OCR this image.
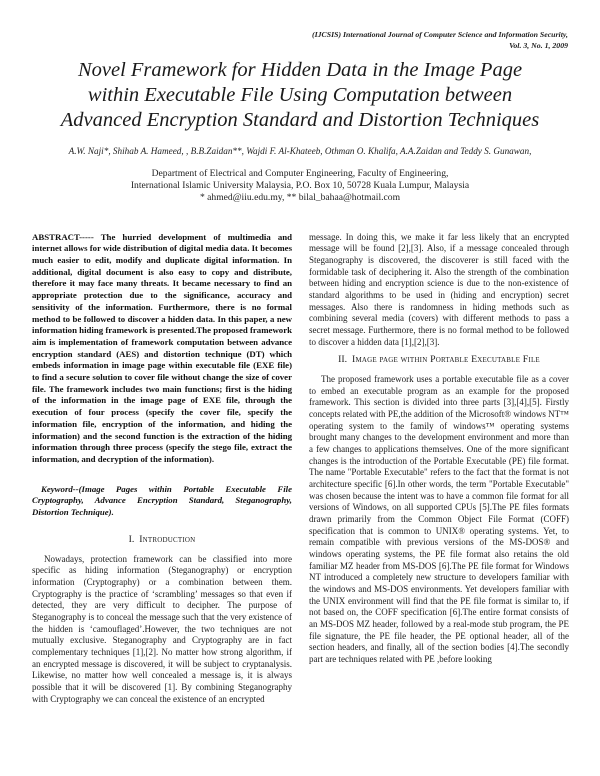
(IJCSIS) International Journal of Computer Science and Information Security,
Vol. 3, No. 1, 2009
Novel Framework for Hidden Data in the Image Page within Executable File Using Computation between Advanced Encryption Standard and Distortion Techniques
A.W. Naji*, Shihab A. Hameed, , B.B.Zaidan**, Wajdi F. Al-Khateeb, Othman O. Khalifa, A.A.Zaidan and Teddy S. Gunawan,
Department of Electrical and Computer Engineering, Faculty of Engineering,
International Islamic University Malaysia, P.O. Box 10, 50728 Kuala Lumpur, Malaysia
* ahmed@iiu.edu.my, ** bilal_bahaa@hotmail.com

ABSTRACT----- The hurried development of multimedia and internet allows for wide distribution of digital media data. It becomes much easier to edit, modify and duplicate digital information. In additional, digital document is also easy to copy and distribute, therefore it may face many threats. It became necessary to find an appropriate protection due to the significance, accuracy and sensitivity of the information. Furthermore, there is no formal method to be followed to discover a hidden data. In this paper, a new information hiding framework is presented.The proposed framework aim is implementation of framework computation between advance encryption standard (AES) and distortion technique (DT) which embeds information in image page within executable file (EXE file) to find a secure solution to cover file without change the size of cover file. The framework includes two main functions; first is the hiding of the information in the image page of EXE file, through the execution of four process (specify the cover file, specify the information file, encryption of the information, and hiding the information) and the second function is the extraction of the hiding information through three process (specify the stego file, extract the information, and decryption of the information).

Keyword--(Image Pages within Portable Executable File Cryptography, Advance Encryption Standard, Steganography, Distortion Technique).

I. Introduction

Nowadays, protection framework can be classified into more specific as hiding information (Steganography) or encryption information (Cryptography) or a combination between them. Cryptography is the practice of ‘scrambling’ messages so that even if detected, they are very difficult to decipher. The purpose of Steganography is to conceal the message such that the very existence of the hidden is ‘camouflaged’.However, the two techniques are not mutually exclusive. Steganography and Cryptography are in fact complementary techniques [1],[2]. No matter how strong algorithm, if an encrypted message is discovered, it will be subject to cryptanalysis. Likewise, no matter how well concealed a message is, it is always possible that it will be discovered [1]. By combining Steganography with Cryptography we can conceal the existence of an encrypted

message. In doing this, we make it far less likely that an encrypted message will be found [2],[3]. Also, if a message concealed through Steganography is discovered, the discoverer is still faced with the formidable task of deciphering it. Also the strength of the combination between hiding and encryption science is due to the non-existence of standard algorithms to be used in (hiding and encryption) secret messages. Also there is randomness in hiding methods such as combining several media (covers) with different methods to pass a secret message. Furthermore, there is no formal method to be followed to discover a hidden data [1],[2],[3].

II. Image page within Portable Executable File

The proposed framework uses a portable executable file as a cover to embed an executable program as an example for the proposed framework. This section is divided into three parts [3],[4],[5]. Firstly concepts related with PE,the addition of the Microsoft® windows NT™ operating system to the family of windows™ operating systems brought many changes to the development environment and more than a few changes to applications themselves. One of the more significant changes is the introduction of the Portable Executable (PE) file format. The name "Portable Executable" refers to the fact that the format is not architecture specific [6].In other words, the term "Portable Executable" was chosen because the intent was to have a common file format for all versions of Windows, on all supported CPUs [5].The PE files formats drawn primarily from the Common Object File Format (COFF) specification that is common to UNIX® operating systems. Yet, to remain compatible with previous versions of the MS-DOS® and windows operating systems, the PE file format also retains the old familiar MZ header from MS-DOS [6].The PE file format for Windows NT introduced a completely new structure to developers familiar with the windows and MS-DOS environments. Yet developers familiar with the UNIX environment will find that the PE file format is similar to, if not based on, the COFF specification [6].The entire format consists of an MS-DOS MZ header, followed by a real-mode stub program, the PE file signature, the PE file header, the PE optional header, all of the section headers, and finally, all of the section bodies [4].The secondly part are techniques related with PE ,before looking
